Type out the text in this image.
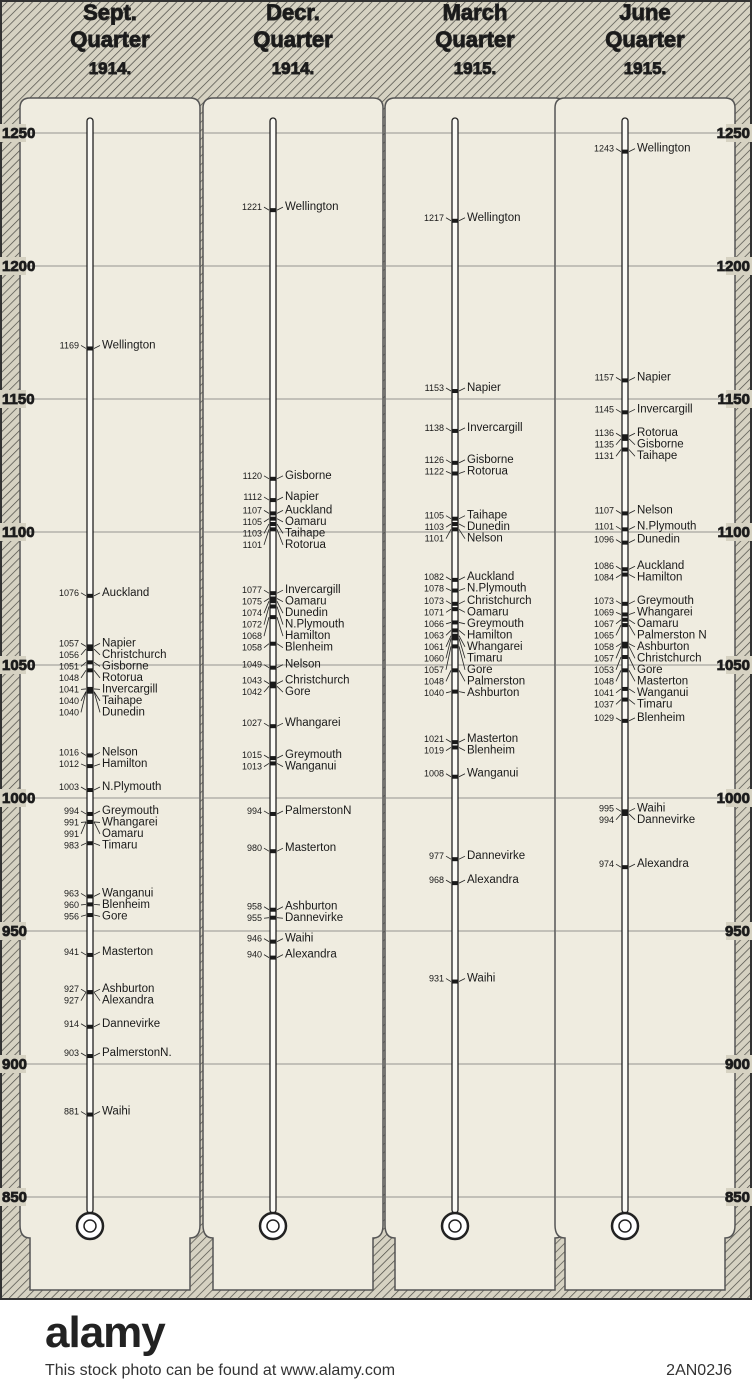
Sept.
Quarter
1914.
1169 Wellington
1076 Auckland
1057 Napier
1056 Christchurch
1051 Gisborne
1048 Rotorua
1041 Invercargill
1040 Taihape
1040 Dunedin
1016 Nelson
1012 Hamilton
1003 N.Plymouth
994 Greymouth
991 Whangarei
991 Oamaru
983 Timaru
963 Wanganui
960 Blenheim
956 Gore
941 Masterton
927 Ashburton
927 Alexandra
914 Dannevirke
903 PalmerstonN.
881 Waihi
Decr.
Quarter
1914.
1221 Wellington
1120 Gisborne
1112 Napier
1107 Auckland
1105 Oamaru
1103 Taihape
1101 Rotorua
1077 Invercargill
1075 Oamaru
1074 Dunedin
1072 N.Plymouth
1068 Hamilton
1058 Blenheim
1049 Nelson
1043 Christchurch
1042 Gore
1027 Whangarei
1015 Greymouth
1013 Wanganui
994 PalmerstonN
980 Masterton
958 Ashburton
955 Dannevirke
946 Waihi
940 Alexandra
March
Quarter
1915.
1217 Wellington
1153 Napier
1138 Invercargill
1126 Gisborne
1122 Rotorua
1105 Taihape
1103 Dunedin
1101 Nelson
1082 Auckland
1078 N.Plymouth
1073 Christchurch
1071 Oamaru
1066 Greymouth
1063 Hamilton
1061 Whangarei
1060 Timaru
1057 Gore
1048 Palmerston
1040 Ashburton
1021 Masterton
1019 Blenheim
1008 Wanganui
977 Dannevirke
968 Alexandra
931 Waihi
June
Quarter
1915.
1243 Wellington
1157 Napier
1145 Invercargill
1136 Rotorua
1135 Gisborne
1131 Taihape
1107 Nelson
1101 N.Plymouth
1096 Dunedin
1086 Auckland
1084 Hamilton
1073 Greymouth
1069 Whangarei
1067 Oamaru
1065 Palmerston N
1058 Ashburton
1057 Christchurch
1053 Gore
1048 Masterton
1041 Wanganui
1037 Timaru
1029 Blenheim
995 Waihi
994 Dannevirke
974 Alexandra
850	850
900	900
950	950
1000	1000
1050	1050
1100	1100
1150	1150
1200	1200
1250	1250
alamy
This stock photo can be found at www.alamy.com	2AN02J6
